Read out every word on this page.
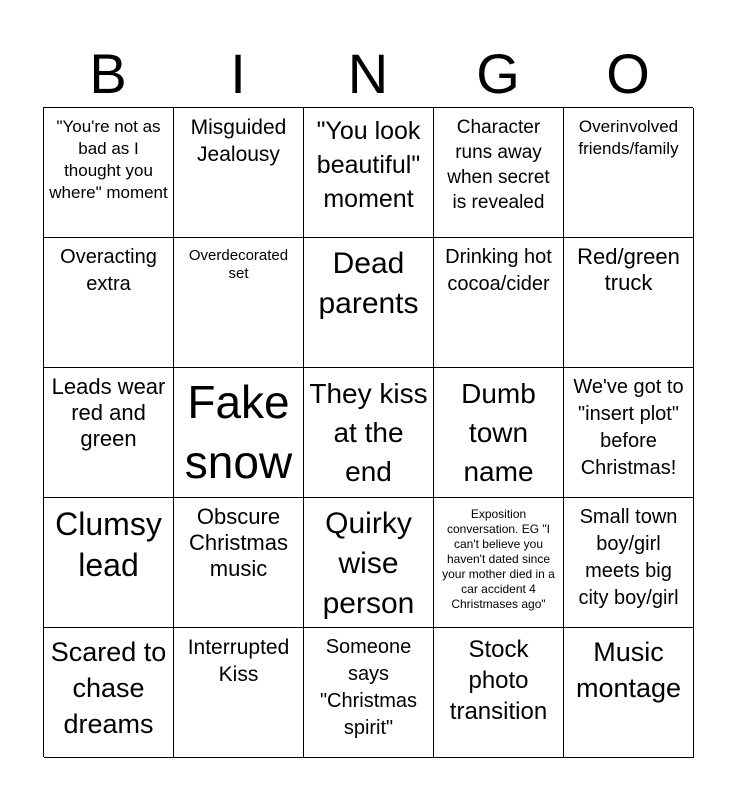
B	I	N	G	O
"You're not as bad as I thought you where" moment
Misguided Jealousy
"You look beautiful" moment
Character runs away when secret is revealed
Overinvolved friends/family
Overacting extra
Overdecorated set	Dead parents
Drinking hot cocoa/cider
Red/green truck
Leads wear red and green
Fake snow
They kiss at the end
Dumb town name
We've got to "insert plot" before Christmas!
Clumsy lead
Obscure Christmas music
Quirky wise person
Exposition conversation. EG "I can't believe you haven't dated since your mother died in a car accident 4 Christmases ago"
Small town boy/girl meets big city boy/girl
Scared to chase dreams
Interrupted Kiss
Someone says "Christmas spirit"
Stock photo transition
Music montage
